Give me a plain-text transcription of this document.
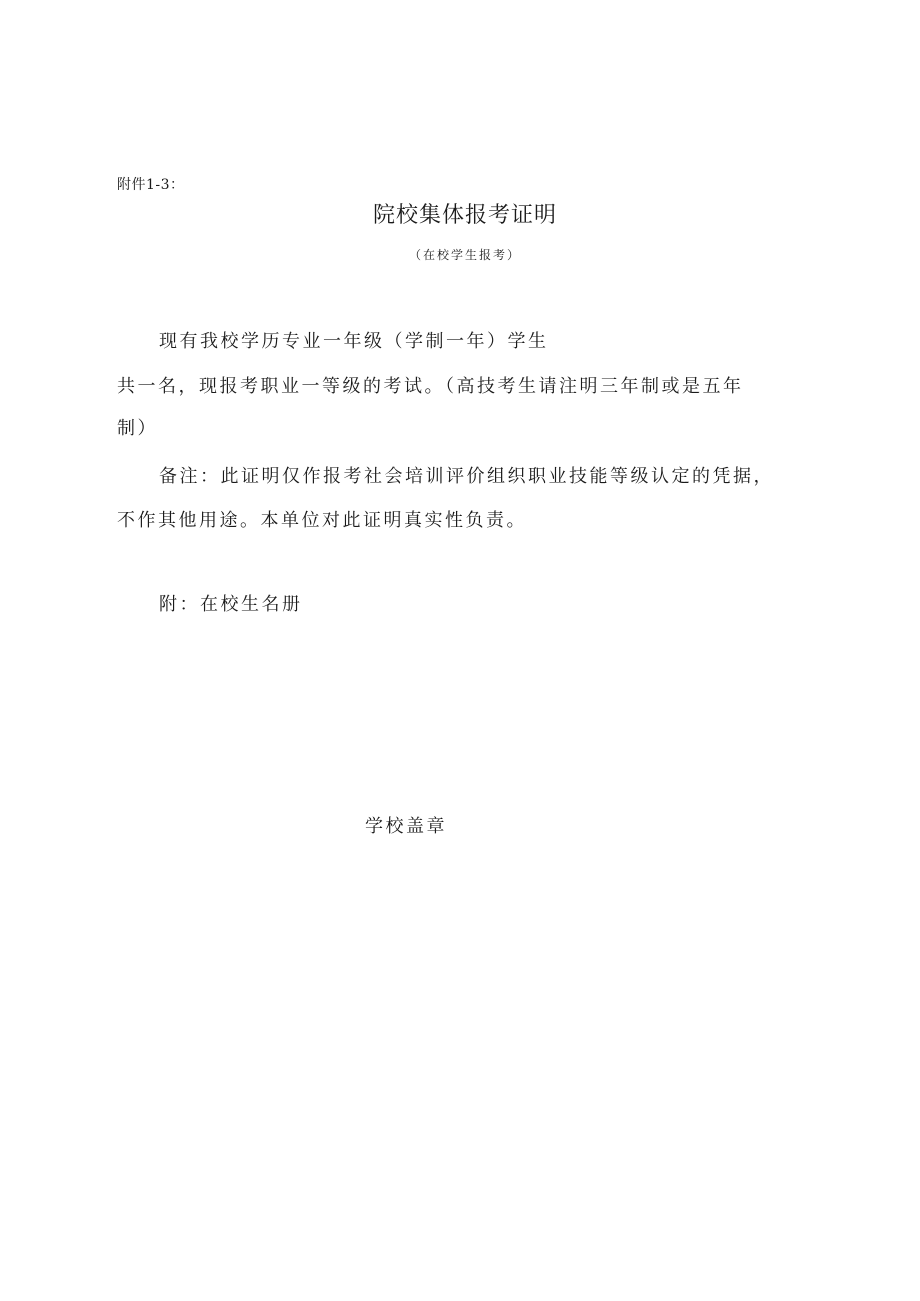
附件1-3：
院校集体报考证明
（在校学生报考）
现有我校学历专业一年级（学制一年）学生
共一名，现报考职业一等级的考试。（高技考生请注明三年制或是五年
制）
备注：此证明仅作报考社会培训评价组织职业技能等级认定的凭据，
不作其他用途。本单位对此证明真实性负责。
附：在校生名册
学校盖章
